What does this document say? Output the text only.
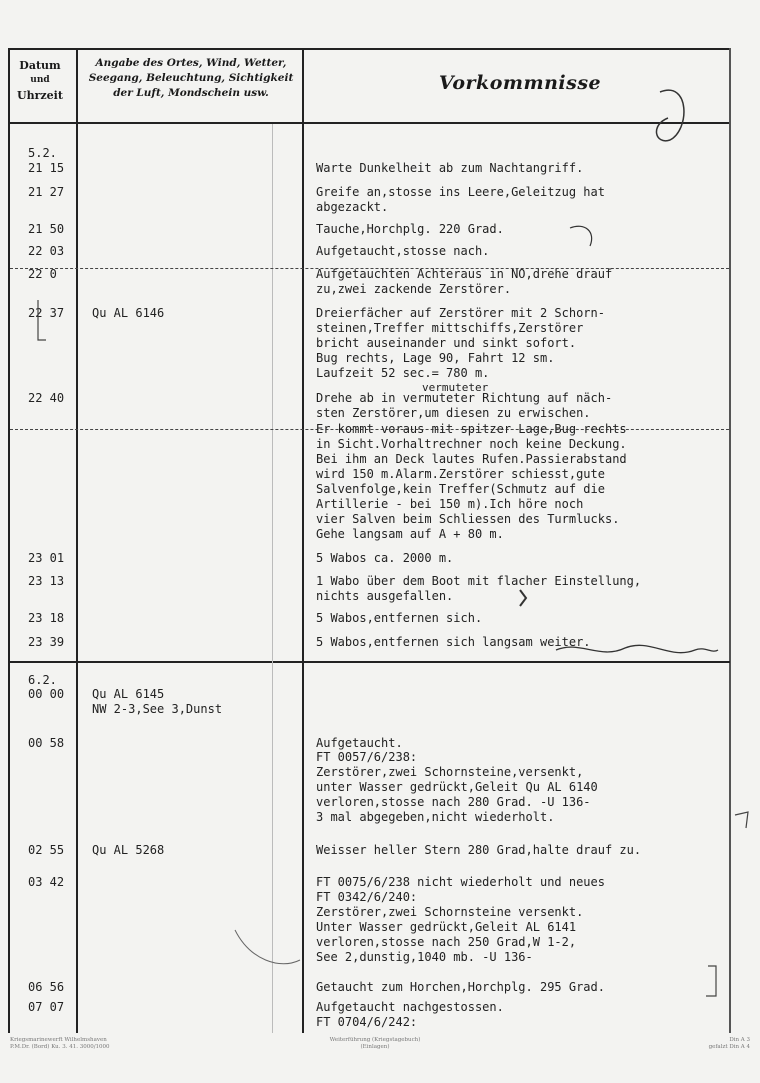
Datum
und
Uhrzeit
Angabe des Ortes, Wind, Wetter,
Seegang, Beleuchtung, Sichtigkeit
der Luft, Mondschein usw.	Vorkommnisse
5.2.
21 15	Warte Dunkelheit ab zum Nachtangriff.
21 27	Greife an,stosse ins Leere,Geleitzug hat
abgezackt.
21 50	Tauche,Horchplg. 220 Grad.
22 03	Aufgetaucht,stosse nach.
22 0	Aufgetauchten Achteraus in NO,drehe drauf
zu,zwei zackende Zerstörer.
22 37 Qu AL 6146	Dreierfächer auf Zerstörer mit 2 Schorn-
steinen,Treffer mittschiffs,Zerstörer
bricht auseinander und sinkt sofort.
Bug rechts, Lage 90, Fahrt 12 sm.
Laufzeit 52 sec.= 780 m.
vermuteter
22 40	Drehe ab in vermuteter Richtung auf näch-
sten Zerstörer,um diesen zu erwischen.
Er kommt voraus mit spitzer Lage,Bug rechts
in Sicht.Vorhaltrechner noch keine Deckung.
Bei ihm an Deck lautes Rufen.Passierabstand
wird 150 m.Alarm.Zerstörer schiesst,gute
Salvenfolge,kein Treffer(Schmutz auf die
Artillerie - bei 150 m).Ich höre noch
vier Salven beim Schliessen des Turmlucks.
Gehe langsam auf A + 80 m.
23 01	5 Wabos ca. 2000 m.
23 13	1 Wabo über dem Boot mit flacher Einstellung,
nichts ausgefallen.
23 18	5 Wabos,entfernen sich.
23 39	5 Wabos,entfernen sich langsam weiter.
6.2.
00 00 Qu AL 6145
NW 2-3,See 3,Dunst
00 58	Aufgetaucht.
FT 0057/6/238:
Zerstörer,zwei Schornsteine,versenkt,
unter Wasser gedrückt,Geleit Qu AL 6140
verloren,stosse nach 280 Grad. -U 136-
3 mal abgegeben,nicht wiederholt.
02 55 Qu AL 5268	Weisser heller Stern 280 Grad,halte drauf zu.
03 42	FT 0075/6/238 nicht wiederholt und neues
FT 0342/6/240:
Zerstörer,zwei Schornsteine versenkt.
Unter Wasser gedrückt,Geleit AL 6141
verloren,stosse nach 250 Grad,W 1-2,
See 2,dunstig,1040 mb. -U 136-
06 56	Getaucht zum Horchen,Horchplg. 295 Grad.
07 07	Aufgetaucht nachgestossen.
FT 0704/6/242:
Kriegsmarinewerft Wilhelmshaven
P.M.Dr. (Bord) Ku. 3. 41. 3000/1000
Weiterführung (Kriegstagebuch)
(Einlagen)
Din A 3
gefalzt Din A 4
